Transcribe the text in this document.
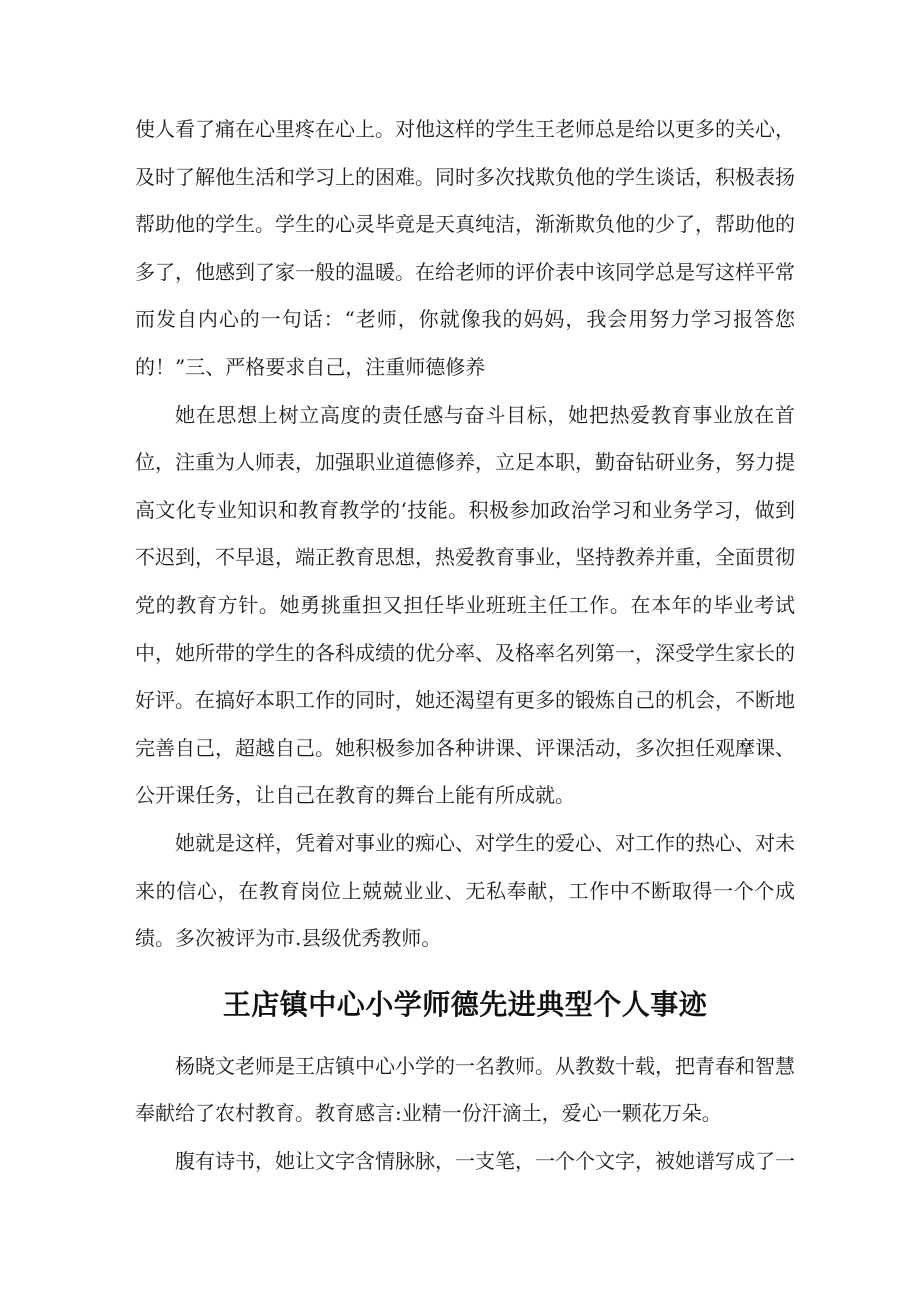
使人看了痛在心里疼在心上。对他这样的学生王老师总是给以更多的关心，及时了解他生活和学习上的困难。同时多次找欺负他的学生谈话，积极表扬帮助他的学生。学生的心灵毕竟是天真纯洁，渐渐欺负他的少了，帮助他的多了，他感到了家一般的温暖。在给老师的评价表中该同学总是写这样平常而发自内心的一句话：“老师，你就像我的妈妈，我会用努力学习报答您的！”三、严格要求自己，注重师德修养

她在思想上树立高度的责任感与奋斗目标，她把热爱教育事业放在首位，注重为人师表，加强职业道德修养，立足本职，勤奋钻研业务，努力提高文化专业知识和教育教学的‘技能。积极参加政治学习和业务学习，做到不迟到，不早退，端正教育思想，热爱教育事业，坚持教养并重，全面贯彻党的教育方针。她勇挑重担又担任毕业班班主任工作。在本年的毕业考试中，她所带的学生的各科成绩的优分率、及格率名列第一，深受学生家长的好评。在搞好本职工作的同时，她还渴望有更多的锻炼自己的机会，不断地完善自己，超越自己。她积极参加各种讲课、评课活动，多次担任观摩课、公开课任务，让自己在教育的舞台上能有所成就。

她就是这样，凭着对事业的痴心、对学生的爱心、对工作的热心、对未来的信心，在教育岗位上兢兢业业、无私奉献，工作中不断取得一个个成绩。多次被评为市.县级优秀教师。

王店镇中心小学师德先进典型个人事迹

杨晓文老师是王店镇中心小学的一名教师。从教数十载，把青春和智慧奉献给了农村教育。教育感言:业精一份汗滴土，爱心一颗花万朵。

腹有诗书，她让文字含情脉脉，一支笔，一个个文字，被她谱写成了一
